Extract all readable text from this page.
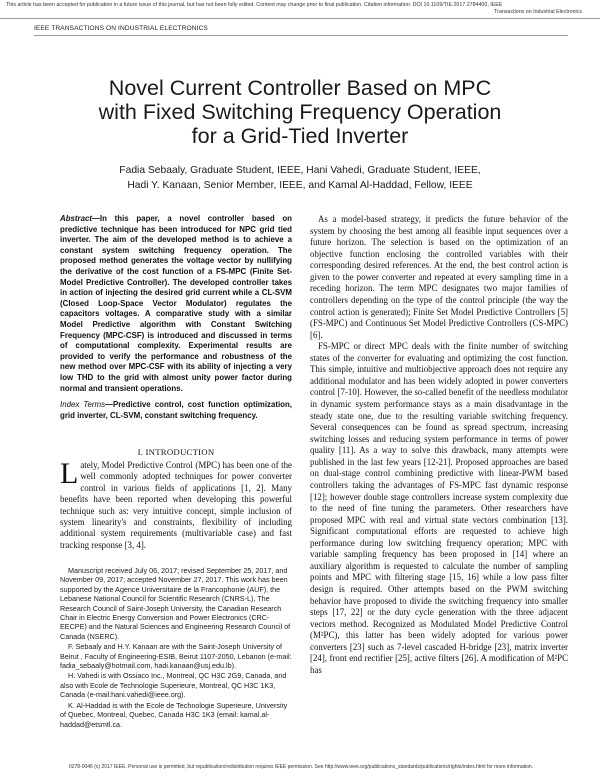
This article has been accepted for publication in a future issue of this journal, but has not been fully edited. Content may change prior to final publication. Citation information: DOI 10.1109/TIE.2017.2784400, IEEE
Transactions on Industrial Electronics
IEEE TRANSACTIONS ON INDUSTRIAL ELECTRONICS
Novel Current Controller Based on MPC
with Fixed Switching Frequency Operation
for a Grid-Tied Inverter
Fadia Sebaaly, Graduate Student, IEEE, Hani Vahedi, Graduate Student, IEEE,
Hadi Y. Kanaan, Senior Member, IEEE, and Kamal Al-Haddad, Fellow, IEEE

Abstract—In this paper, a novel controller based on predictive technique has been introduced for NPC grid tied inverter. The aim of the developed method is to achieve a constant system switching frequency operation. The proposed method generates the voltage vector by nullifying the derivative of the cost function of a FS-MPC (Finite Set-Model Predictive Controller). The developed controller takes in action of injecting the desired grid current while a CL-SVM (Closed Loop-Space Vector Modulator) regulates the capacitors voltages. A comparative study with a similar Model Predictive algorithm with Constant Switching Frequency (MPC-CSF) is introduced and discussed in terms of computational complexity. Experimental results are provided to verify the performance and robustness of the new method over MPC-CSF with its ability of injecting a very low THD to the grid with almost unity power factor during normal and transient operations.

Index Terms—Predictive control, cost function optimization, grid inverter, CL-SVM, constant switching frequency.

I. INTRODUCTION

Lately, Model Predictive Control (MPC) has been one of the well commonly adopted techniques for power converter control in various fields of applications [1, 2]. Many benefits have been reported when developing this powerful technique such as: very intuitive concept, simple inclusion of system linearity's and constraints, flexibility of including additional system requirements (multivariable case) and fast tracking response [3, 4].

Manuscript received July 06, 2017; revised September 25, 2017, and November 09, 2017; accepted November 27, 2017. This work has been supported by the Agence Universitaire de la Francophonie (AUF), the Lebanese National Council for Scientific Research (CNRS-L), The Research Council of Saint-Joseph University, the Canadian Research Chair in Electric Energy Conversion and Power Electronics (CRC-EECPE) and the Natural Sciences and Engineering Research Council of Canada (NSERC).

F. Sebaaly and H.Y. Kanaan are with the Saint-Joseph University of Beirut , Faculty of Engineering-ESIB, Beirut 1107-2050, Lebanon (e-mail: fadia_sebaaly@hotmail.com, hadi.kanaan@usj.edu.lb).

H. Vahedi is with Ossiaco Inc., Montreal, QC H3C 2G9, Canada, and also with Ecole de Technologie Superieure, Montreal, QC H3C 1K3, Canada (e-mail:hani.vahedi@ieee.org).

K. Al-Haddad is with the Ecole de Technologie Superieure, University of Quebec, Montreal, Quebec, Canada H3C 1K3 (email: kamal.al-haddad@etsmtl.ca.

As a model-based strategy, it predicts the future behavior of the system by choosing the best among all feasible input sequences over a future horizon. The selection is based on the optimization of an objective function enclosing the controlled variables with their corresponding desired references. At the end, the best control action is given to the power converter and repeated at every sampling time in a receding horizon. The term MPC designates two major families of controllers depending on the type of the control principle (the way the control action is generated); Finite Set Model Predictive Controllers [5] (FS-MPC) and Continuous Set Model Predictive Controllers (CS-MPC) [6].

FS-MPC or direct MPC deals with the finite number of switching states of the converter for evaluating and optimizing the cost function. This simple, intuitive and multiobjective approach does not require any additional modulator and has been widely adopted in power converters control [7-10]. However, the so-called benefit of the needless modulator in dynamic system performance stays as a main disadvantage in the steady state one, due to the resulting variable switching frequency. Several consequences can be found as spread spectrum, increasing switching losses and reducing system performance in terms of power quality [11]. As a way to solve this drawback, many attempts were published in the last few years [12-21]. Proposed approaches are based on dual-stage control combining predictive with linear-PWM based controllers taking the advantages of FS-MPC fast dynamic response [12]; however double stage controllers increase system complexity due to the need of fine tuning the parameters. Other researchers have proposed MPC with real and virtual state vectors combination [13]. Significant computational efforts are requested to achieve high performance during low switching frequency operation; MPC with variable sampling frequency has been proposed in [14] where an auxiliary algorithm is requested to calculate the number of sampling points and MPC with filtering stage [15, 16] while a low pass filter design is required. Other attempts based on the PWM switching behavior have proposed to divide the switching frequency into smaller steps [17, 22] or the duty cycle generation with the three adjacent vectors method. Recognized as Modulated Model Predictive Control (M²PC), this latter has been widely adopted for various power converters [23] such as 7-level cascaded H-bridge [23], matrix inverter [24], front end rectifier [25], active filters [26]. A modification of M²PC has

0278-0046 (c) 2017 IEEE. Personal use is permitted, but republication/redistribution requires IEEE permission. See http://www.ieee.org/publications_standards/publications/rights/index.html for more information.
